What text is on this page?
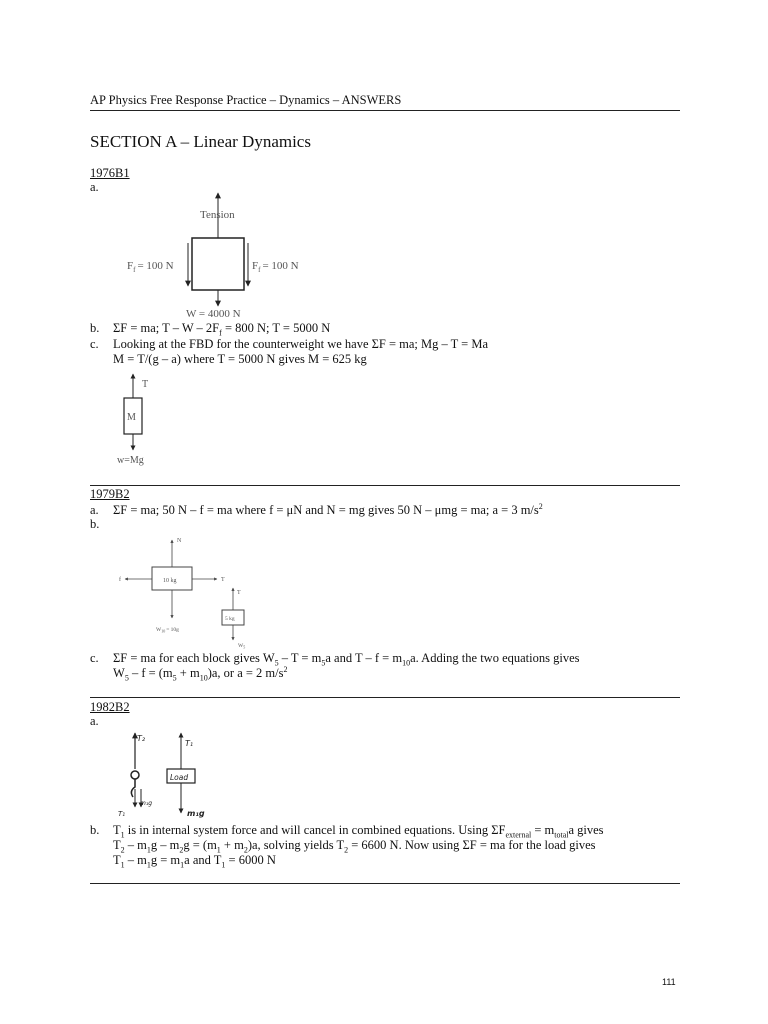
AP Physics Free Response Practice – Dynamics – ANSWERS
SECTION A – Linear Dynamics
1976B1
a.
Tension
$F_f = 100$ N	$F_f = 100$ N
W = 4000 N
b. ΣF = ma; $T - W - 2F_f = 800$ N; T = 5000 N
c. Looking at the FBD for the counterweight we have ΣF = ma; Mg – T = Ma
M = T/(g – a) where T = 5000 N gives M = 625 kg
T
M
w=Mg
1979B2
a. ΣF = ma; 50 N – f = ma where f = μN and N = mg gives 50 N – μmg = ma; a = 3 $m/s^2$
b.
N
f	T
10 kg
$W_{10}= 10g$
T
5 kg
$W_5$
c. ΣF = ma for each block gives $W_5 - T = m_5a$ and $T - f = m_{10}a$. Adding the two equations gives
$W_5 - f = (m_5 + m_{10})a$, or a = 2 $m/s^2$
1982B2
a.
T₂
T₁
m₁g
Load
T₁
m₁g
b. $T_1$ is in internal system force and will cancel in combined equations. Using $\Sigma F_{external} = m_{total}a$ gives
$T_2 - m_1g - m_2g = (m_1 + m_2)a$, solving yields $T_2 = 6600$ N. Now using ΣF = ma for the load gives
$T_1 - m_1g = m_1a$ and $T_1 = 6000$ N
111
